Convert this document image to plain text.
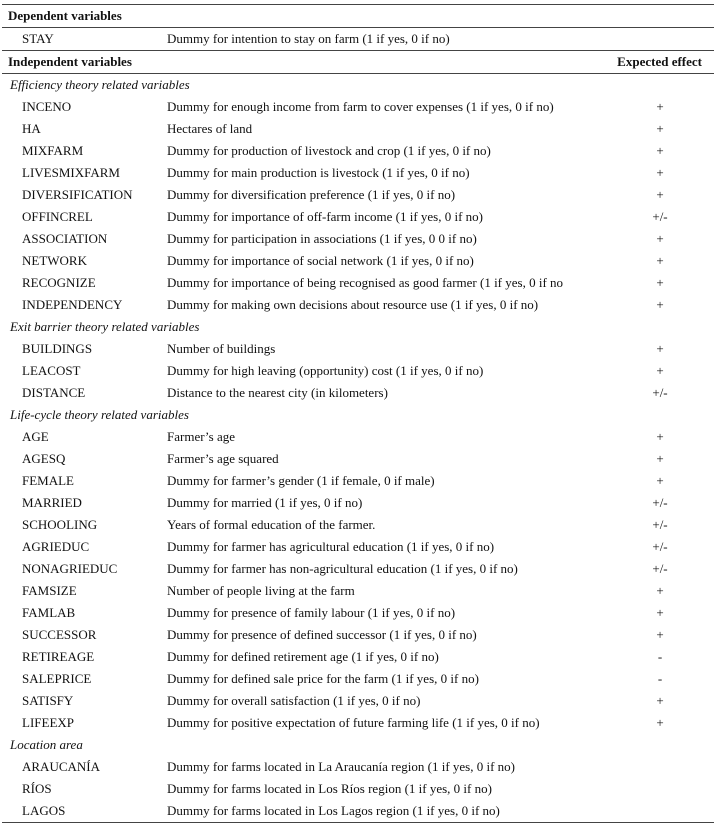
Dependent variables
STAY	Dummy for intention to stay on farm (1 if yes, 0 if no)
Independent variables	Expected effect
Efficiency theory related variables
INCENO	Dummy for enough income from farm to cover expenses (1 if yes, 0 if no)	+
HA	Hectares of land	+
MIXFARM	Dummy for production of livestock and crop (1 if yes, 0 if no)	+
LIVESMIXFARM	Dummy for main production is livestock (1 if yes, 0 if no)	+
DIVERSIFICATION	Dummy for diversification preference (1 if yes, 0 if no)	+
OFFINCREL	Dummy for importance of off-farm income (1 if yes, 0 if no)	+/-
ASSOCIATION	Dummy for participation in associations (1 if yes, 0 0 if no)	+
NETWORK	Dummy for importance of social network (1 if yes, 0 if no)	+
RECOGNIZE	Dummy for importance of being recognised as good farmer (1 if yes, 0 if no	+
INDEPENDENCY	Dummy for making own decisions about resource use (1 if yes, 0 if no)	+
Exit barrier theory related variables
BUILDINGS	Number of buildings	+
LEACOST	Dummy for high leaving (opportunity) cost (1 if yes, 0 if no)	+
DISTANCE	Distance to the nearest city (in kilometers)	+/-
Life-cycle theory related variables
AGE	Farmer’s age	+
AGESQ	Farmer’s age squared	+
FEMALE	Dummy for farmer’s gender (1 if female, 0 if male)	+
MARRIED	Dummy for married (1 if yes, 0 if no)	+/-
SCHOOLING	Years of formal education of the farmer.	+/-
AGRIEDUC	Dummy for farmer has agricultural education (1 if yes, 0 if no)	+/-
NONAGRIEDUC	Dummy for farmer has non-agricultural education (1 if yes, 0 if no)	+/-
FAMSIZE	Number of people living at the farm	+
FAMLAB	Dummy for presence of family labour (1 if yes, 0 if no)	+
SUCCESSOR	Dummy for presence of defined successor (1 if yes, 0 if no)	+
RETIREAGE	Dummy for defined retirement age (1 if yes, 0 if no)	-
SALEPRICE	Dummy for defined sale price for the farm (1 if yes, 0 if no)	-
SATISFY	Dummy for overall satisfaction (1 if yes, 0 if no)	+
LIFEEXP	Dummy for positive expectation of future farming life (1 if yes, 0 if no)	+
Location area
ARAUCANÍA	Dummy for farms located in La Araucanía region (1 if yes, 0 if no)
RÍOS	Dummy for farms located in Los Ríos region (1 if yes, 0 if no)
LAGOS	Dummy for farms located in Los Lagos region (1 if yes, 0 if no)
